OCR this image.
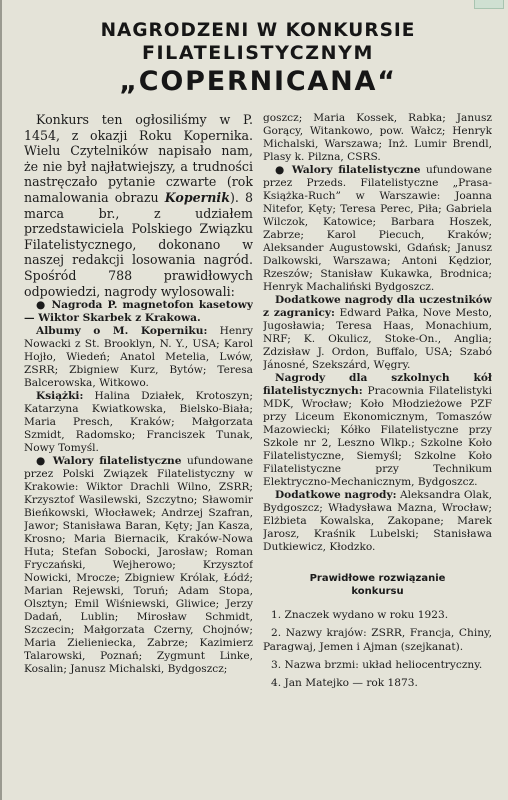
NAGRODZENI W KONKURSIE
FILATELISTYCZNYM
„COPERNICANA“

Konkurs ten ogłosiliśmy w P. 1454, z okazji Roku Kopernika. Wielu Czytelników napisało nam, że nie był najłatwiejszy, a trudności nastręczało pytanie czwarte (rok namalowania obrazu Kopernik). 8 marca br., z udziałem przedstawiciela Polskiego Związku Filatelistycznego, dokonano w naszej redakcji losowania nagród. Spośród 788 prawidłowych odpowiedzi, nagrody wylosowali:

● Nagroda P. magnetofon kasetowy — Wiktor Skarbek z Krakowa.

Albumy o M. Koperniku: Henry Nowacki z St. Brooklyn, N. Y., USA; Karol Hojło, Wiedeń; Anatol Metelia, Lwów, ZSRR; Zbigniew Kurz, Bytów; Teresa Balcerowska, Witkowo.

Książki: Halina Działek, Krotoszyn; Katarzyna Kwiatkowska, Bielsko-Biała; Maria Presch, Kraków; Małgorzata Szmidt, Radomsko; Franciszek Tunak, Nowy Tomyśl.

● Walory filatelistyczne ufundowane przez Polski Związek Filatelistyczny w Krakowie: Wiktor Drachli Wilno, ZSRR; Krzysztof Wasilewski, Szczytno; Sławomir Bieńkowski, Włocławek; Andrzej Szafran, Jawor; Stanisława Baran, Kęty; Jan Kasza, Krosno; Maria Biernacik, Kraków-Nowa Huta; Stefan Sobocki, Jarosław; Roman Fryczański, Wejherowo; Krzysztof Nowicki, Mrocze; Zbigniew Królak, Łódź; Marian Rejewski, Toruń; Adam Stopa, Olsztyn; Emil Wiśniewski, Gliwice; Jerzy Dadań, Lublin; Mirosław Schmidt, Szczecin; Małgorzata Czerny, Chojnów; Maria Zielieniecka, Zabrze; Kazimierz Talarowski, Poznań; Zygmunt Linke, Kosalin; Janusz Michalski, Bydgoszcz;

goszcz; Maria Kossek, Rabka; Janusz Gorący, Witankowo, pow. Wałcz; Henryk Michalski, Warszawa; Inż. Lumir Brendl, Plasy k. Pilzna, CSRS.

● Walory filatelistyczne ufundowane przez Przeds. Filatelistyczne „Prasa-Książka-Ruch” w Warszawie: Joanna Nitefor, Kęty; Teresa Perec, Piła; Gabriela Wilczok, Katowice; Barbara Hoszek, Zabrze; Karol Piecuch, Kraków; Aleksander Augustowski, Gdańsk; Janusz Dalkowski, Warszawa; Antoni Kędzior, Rzeszów; Stanisław Kukawka, Brodnica; Henryk Machaliński Bydgoszcz.

Dodatkowe nagrody dla uczestników z zagranicy: Edward Pałka, Nove Mesto, Jugosławia; Teresa Haas, Monachium, NRF; K. Okulicz, Stoke-On., Anglia; Zdzisław J. Ordon, Buffalo, USA; Szabó Jánosné, Szekszárd, Węgry.

Nagrody dla szkolnych kół filatelistycznych: Pracownia Filatelistyki MDK, Wrocław; Koło Młodzieżowe PZF przy Liceum Ekonomicznym, Tomaszów Mazowiecki; Kółko Filatelistyczne przy Szkole nr 2, Leszno Wlkp.; Szkolne Koło Filatelistyczne, Siemyśl; Szkolne Koło Filatelistyczne przy Technikum Elektryczno-Mechanicznym, Bydgoszcz.

Dodatkowe nagrody: Aleksandra Olak, Bydgoszcz; Władysława Mazna, Wrocław; Elżbieta Kowalska, Zakopane; Marek Jarosz, Kraśnik Lubelski; Stanisława Dutkiewicz, Kłodzko.

Prawidłowe rozwiązanie
konkursu

1. Znaczek wydano w roku 1923.

2. Nazwy krajów: ZSRR, Francja, Chiny, Paragwaj, Jemen i Ajman (szejkanat).

3. Nazwa brzmi: układ heliocentryczny.

4. Jan Matejko — rok 1873.
